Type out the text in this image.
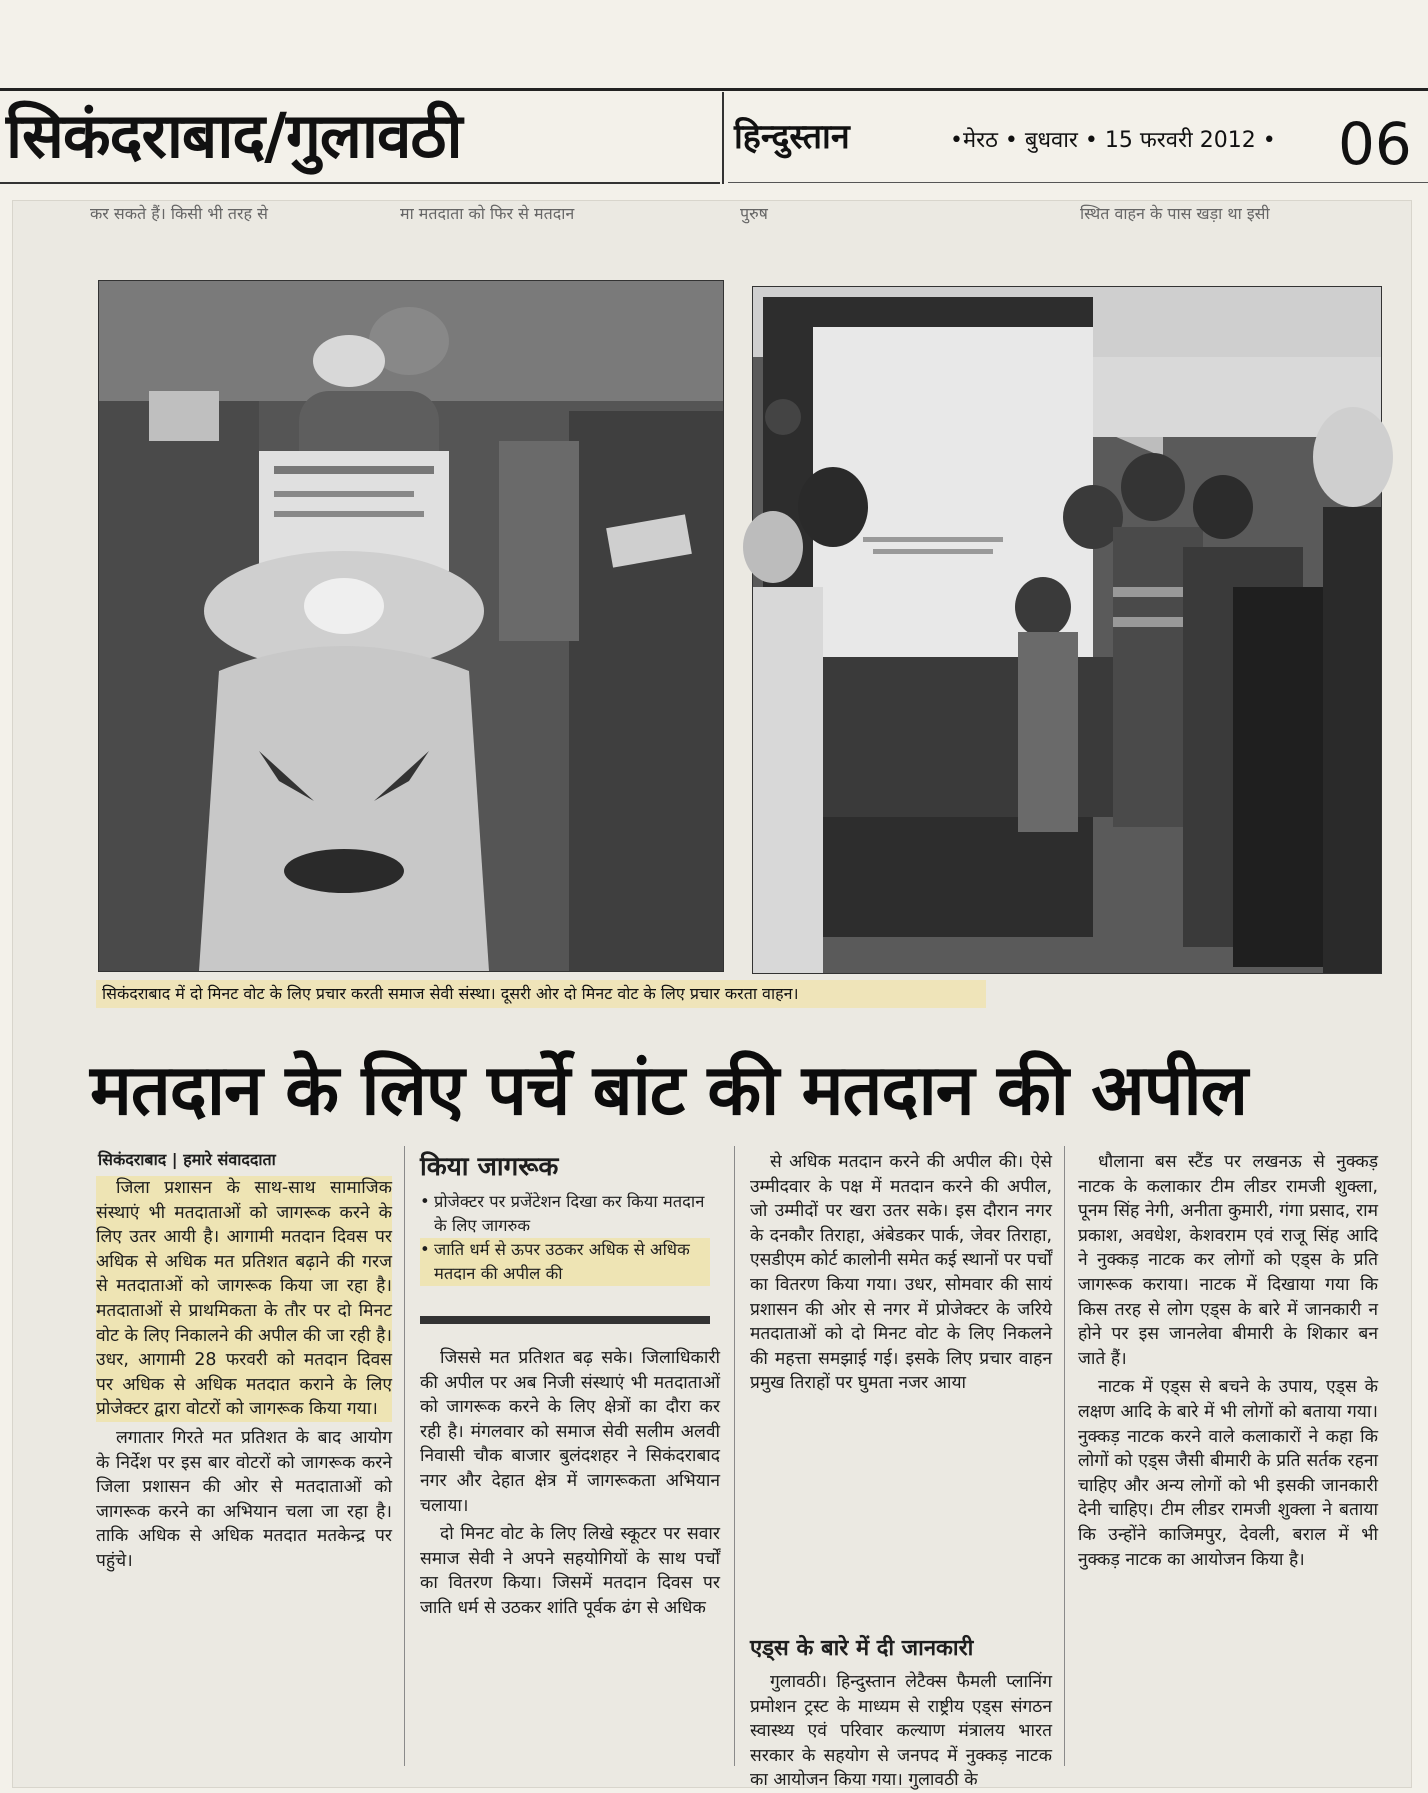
सिकंदराबाद/गुलावठी	हिन्दुस्तान	•मेरठ • बुधवार • 15 फरवरी 2012 • 06
कर सकते हैं। किसी भी तरह से	मा मतदाता को फिर से मतदान	पुरुष	स्थित वाहन के पास खड़ा था इसी
सिकंदराबाद में दो मिनट वोट के लिए प्रचार करती समाज सेवी संस्था। दूसरी ओर दो मिनट वोट के लिए प्रचार करता वाहन।
मतदान के लिए पर्चे बांट की मतदान की अपील
सिकंदराबाद | हमारे संवाददाता

जिला प्रशासन के साथ-साथ सामाजिक संस्थाएं भी मतदाताओं को जागरूक करने के लिए उतर आयी है। आगामी मतदान दिवस पर अधिक से अधिक मत प्रतिशत बढ़ाने की गरज से मतदाताओं को जागरूक किया जा रहा है। मतदाताओं से प्राथमिकता के तौर पर दो मिनट वोट के लिए निकालने की अपील की जा रही है। उधर, आगामी 28 फरवरी को मतदान दिवस पर अधिक से अधिक मतदात कराने के लिए प्रोजेक्टर द्वारा वोटरों को जागरूक किया गया।

लगातार गिरते मत प्रतिशत के बाद आयोग के निर्देश पर इस बार वोटरों को जागरूक करने जिला प्रशासन की ओर से मतदाताओं को जागरूक करने का अभियान चला जा रहा है। ताकि अधिक से अधिक मतदात मतकेन्द्र पर पहुंचे।

किया जागरूक
• प्रोजेक्टर पर प्रजेंटेशन दिखा कर किया मतदान के लिए जागरुक
• जाति धर्म से ऊपर उठकर अधिक से अधिक मतदान की अपील की

जिससे मत प्रतिशत बढ़ सके। जिलाधिकारी की अपील पर अब निजी संस्थाएं भी मतदाताओं को जागरूक करने के लिए क्षेत्रों का दौरा कर रही है। मंगलवार को समाज सेवी सलीम अलवी निवासी चौक बाजार बुलंदशहर ने सिकंदराबाद नगर और देहात क्षेत्र में जागरूकता अभियान चलाया।

दो मिनट वोट के लिए लिखे स्कूटर पर सवार समाज सेवी ने अपने सहयोगियों के साथ पर्चों का वितरण किया। जिसमें मतदान दिवस पर जाति धर्म से उठकर शांति पूर्वक ढंग से अधिक

से अधिक मतदान करने की अपील की। ऐसे उम्मीदवार के पक्ष में मतदान करने की अपील, जो उम्मीदों पर खरा उतर सके। इस दौरान नगर के दनकौर तिराहा, अंबेडकर पार्क, जेवर तिराहा, एसडीएम कोर्ट कालोनी समेत कई स्थानों पर पर्चों का वितरण किया गया। उधर, सोमवार की सायं प्रशासन की ओर से नगर में प्रोजेक्टर के जरिये मतदाताओं को दो मिनट वोट के लिए निकलने की महत्ता समझाई गई। इसके लिए प्रचार वाहन प्रमुख तिराहों पर घुमता नजर आया

एड्स के बारे में दी जानकारी

गुलावठी। हिन्दुस्तान लेटैक्स फैमली प्लानिंग प्रमोशन ट्रस्ट के माध्यम से राष्ट्रीय एड्स संगठन स्वास्थ्य एवं परिवार कल्याण मंत्रालय भारत सरकार के सहयोग से जनपद में नुक्कड़ नाटक का आयोजन किया गया। गुलावठी के

धौलाना बस स्टैंड पर लखनऊ से नुक्कड़ नाटक के कलाकार टीम लीडर रामजी शुक्ला, पूनम सिंह नेगी, अनीता कुमारी, गंगा प्रसाद, राम प्रकाश, अवधेश, केशवराम एवं राजू सिंह आदि ने नुक्कड़ नाटक कर लोगों को एड्स के प्रति जागरूक कराया। नाटक में दिखाया गया कि किस तरह से लोग एड्स के बारे में जानकारी न होने पर इस जानलेवा बीमारी के शिकार बन जाते हैं।

नाटक में एड्स से बचने के उपाय, एड्स के लक्षण आदि के बारे में भी लोगों को बताया गया। नुक्कड़ नाटक करने वाले कलाकारों ने कहा कि लोगों को एड्स जैसी बीमारी के प्रति सर्तक रहना चाहिए और अन्य लोगों को भी इसकी जानकारी देनी चाहिए। टीम लीडर रामजी शुक्ला ने बताया कि उन्होंने काजिमपुर, देवली, बराल में भी नुक्कड़ नाटक का आयोजन किया है।
